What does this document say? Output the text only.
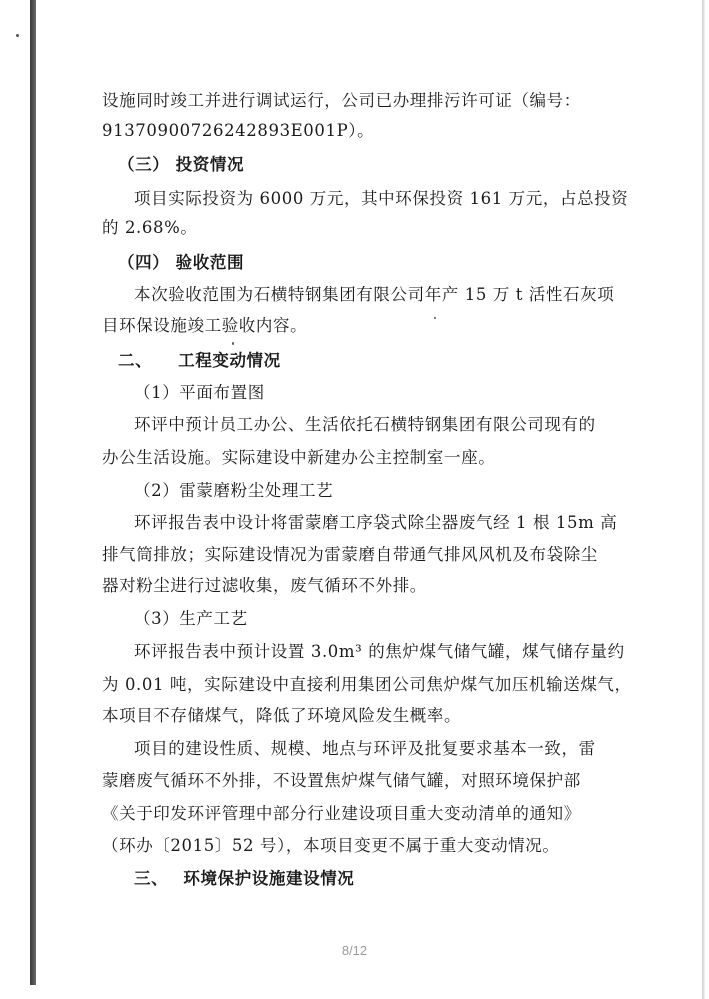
设施同时竣工并进行调试运行，公司已办理排污许可证（编号：
91370900726242893E001P）。
（三） 投资情况
项目实际投资为 6000 万元，其中环保投资 161 万元，占总投资
的 2.68%。
（四） 验收范围
本次验收范围为石横特钢集团有限公司年产 15 万 t 活性石灰项
目环保设施竣工验收内容。
二、　　工程变动情况
（1）平面布置图
环评中预计员工办公、生活依托石横特钢集团有限公司现有的
办公生活设施。实际建设中新建办公主控制室一座。
（2）雷蒙磨粉尘处理工艺
环评报告表中设计将雷蒙磨工序袋式除尘器废气经 1 根 15m 高
排气筒排放；实际建设情况为雷蒙磨自带通气排风风机及布袋除尘
器对粉尘进行过滤收集，废气循环不外排。
（3）生产工艺
环评报告表中预计设置 3.0m³ 的焦炉煤气储气罐，煤气储存量约
为 0.01 吨，实际建设中直接利用集团公司焦炉煤气加压机输送煤气，
本项目不存储煤气，降低了环境风险发生概率。
项目的建设性质、规模、地点与环评及批复要求基本一致，雷
蒙磨废气循环不外排，不设置焦炉煤气储气罐，对照环境保护部
《关于印发环评管理中部分行业建设项目重大变动清单的通知》
（环办〔2015〕52 号），本项目变更不属于重大变动情况。
三、　 环境保护设施建设情况
8/12
